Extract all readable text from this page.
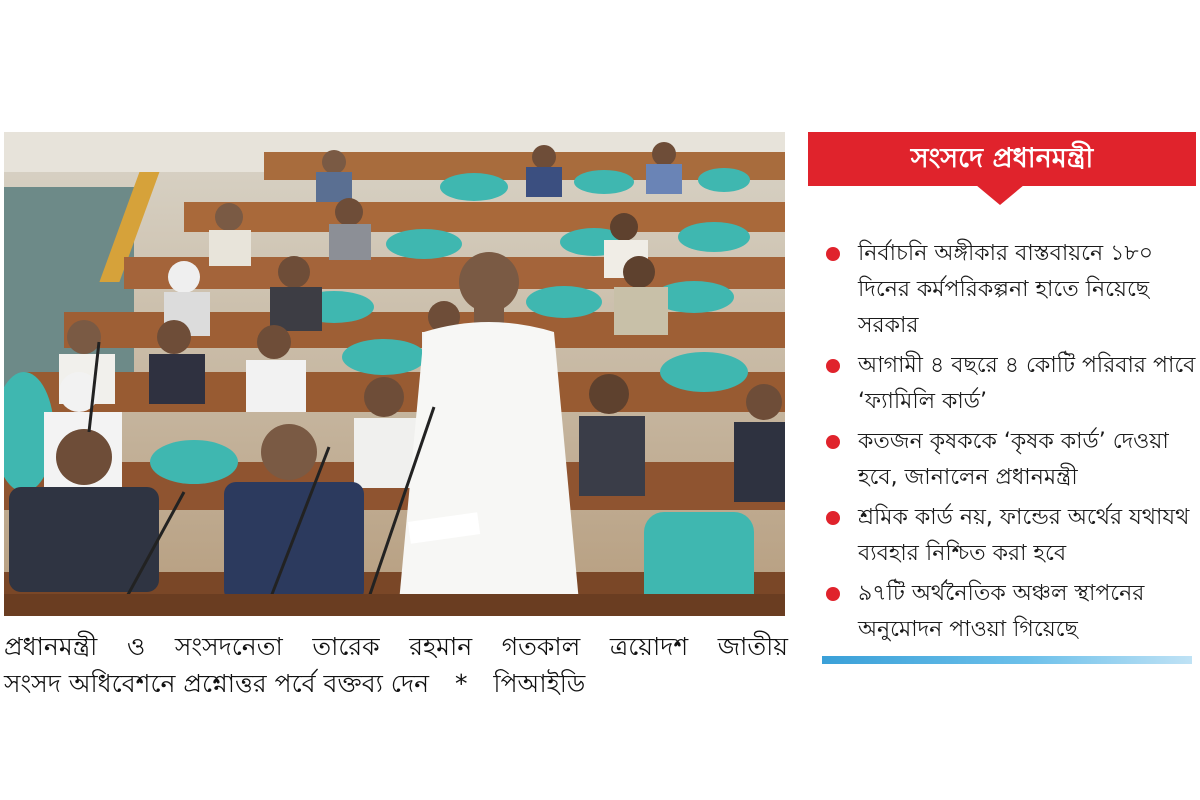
প্রধানমন্ত্রী ও সংসদনেতা তারেক রহমান গতকাল ত্রয়োদশ জাতীয়
সংসদ অধিবেশনে প্রশ্নোত্তর পর্বে বক্তব্য দেন * পিআইডি
সংসদে প্রধানমন্ত্রী
নির্বাচনি অঙ্গীকার বাস্তবায়নে ১৮০ দিনের কর্মপরিকল্পনা হাতে নিয়েছে সরকার
আগামী ৪ বছরে ৪ কোটি পরিবার পাবে ‘ফ্যামিলি কার্ড’
কতজন কৃষককে ‘কৃষক কার্ড’ দেওয়া হবে, জানালেন প্রধানমন্ত্রী
শ্রমিক কার্ড নয়, ফান্ডের অর্থের যথাযথ ব্যবহার নিশ্চিত করা হবে
৯৭টি অর্থনৈতিক অঞ্চল স্থাপনের অনুমোদন পাওয়া গিয়েছে
